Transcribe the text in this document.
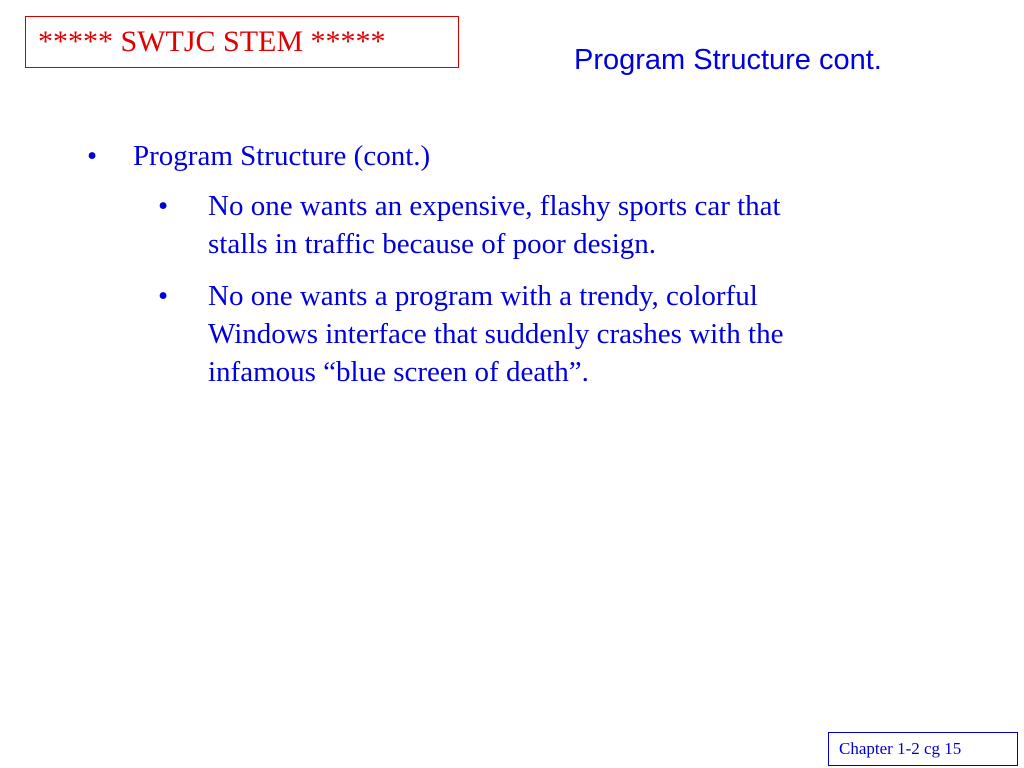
***** SWTJC STEM *****
Program Structure cont.
• Program Structure (cont.)
• No one wants an expensive, flashy sports car that
stalls in traffic because of poor design.
• No one wants a program with a trendy, colorful
Windows interface that suddenly crashes with the
infamous “blue screen of death”.
Chapter 1-2 cg 15
